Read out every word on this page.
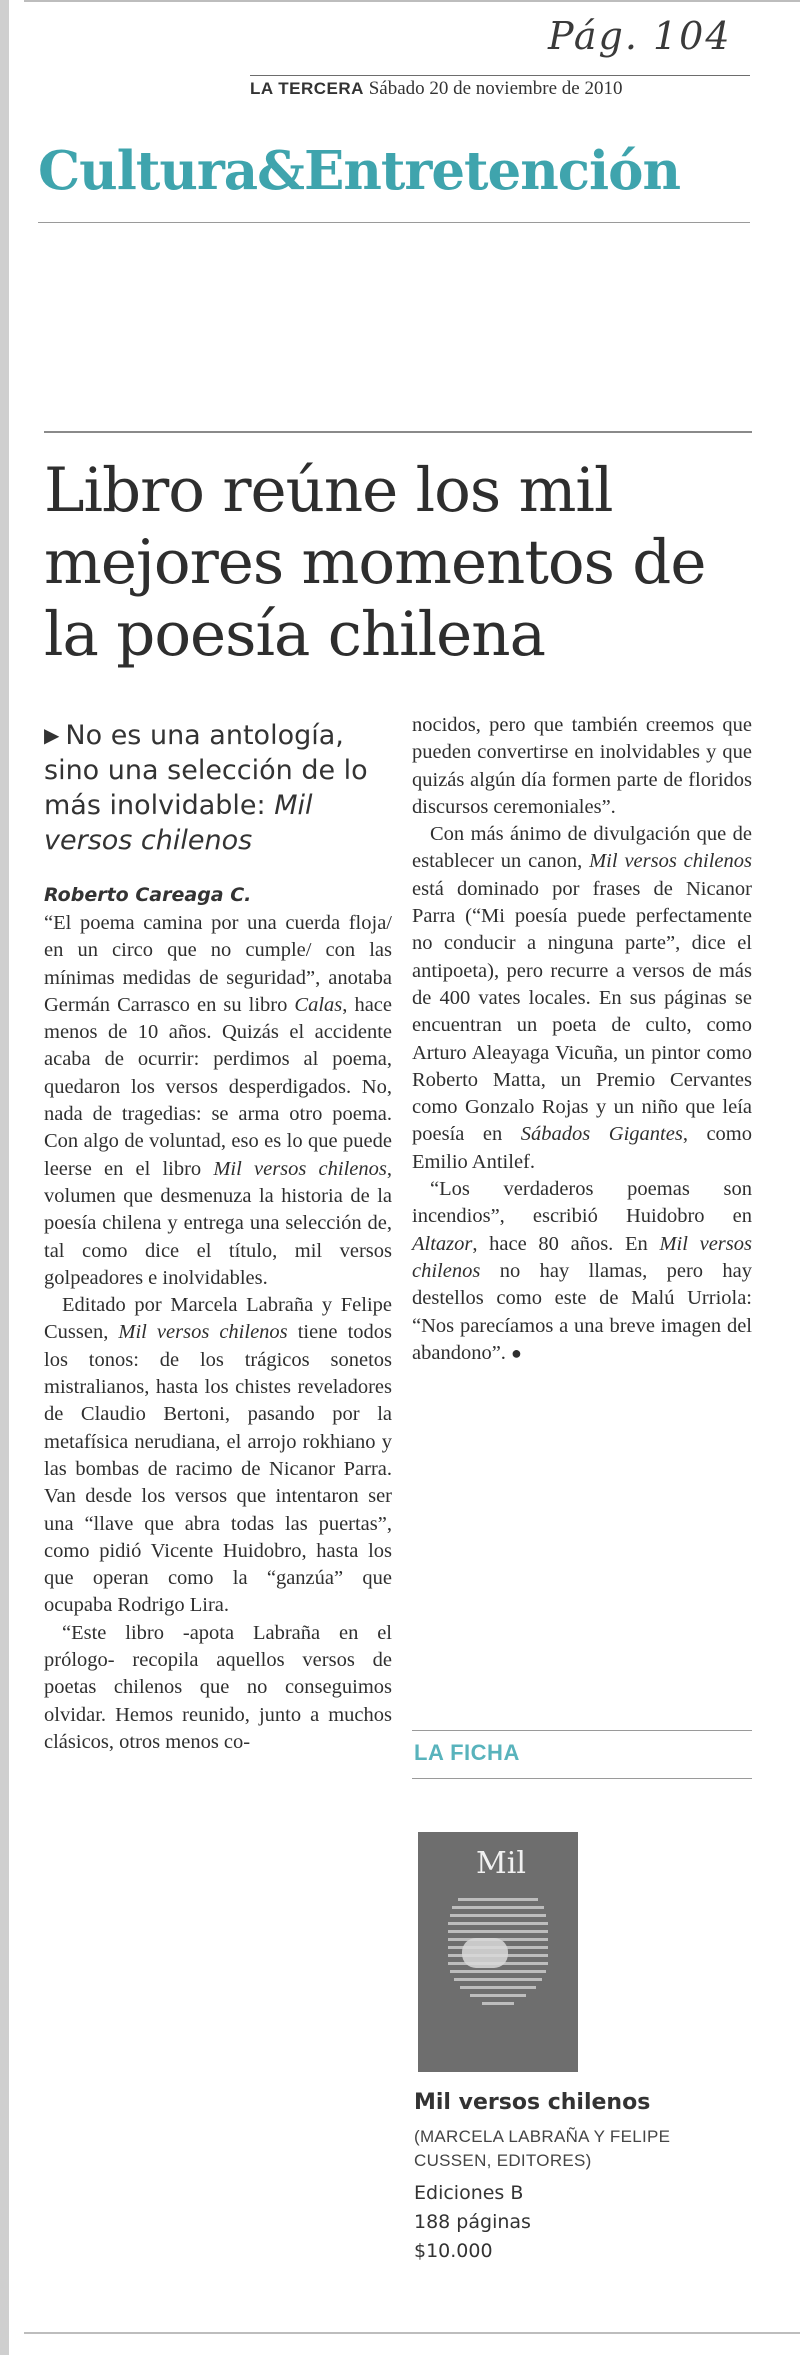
Pág. 104
LA TERCERA Sábado 20 de noviembre de 2010
Cultura&Entretención
Libro reúne los mil mejores momentos de la poesía chilena

▶ No es una antología, sino una selección de lo más inolvidable: Mil versos chilenos

Roberto Careaga C.

“El poema camina por una cuerda floja/ en un circo que no cumple/ con las mínimas medidas de seguridad”, anotaba Germán Carrasco en su libro Calas, hace menos de 10 años. Quizás el accidente acaba de ocurrir: perdimos al poema, quedaron los versos desperdigados. No, nada de tragedias: se arma otro poema. Con algo de voluntad, eso es lo que puede leerse en el libro Mil versos chilenos, volumen que desmenuza la historia de la poesía chilena y entrega una selección de, tal como dice el título, mil versos golpeadores e inolvidables.

Editado por Marcela Labraña y Felipe Cussen, Mil versos chilenos tiene todos los tonos: de los trágicos sonetos mistralianos, hasta los chistes reveladores de Claudio Bertoni, pasando por la metafísica nerudiana, el arrojo rokhiano y las bombas de racimo de Nicanor Parra. Van desde los versos que intentaron ser una “llave que abra todas las puertas”, como pidió Vicente Huidobro, hasta los que operan como la “ganzúa” que ocupaba Rodrigo Lira.

“Este libro -apota Labraña en el prólogo- recopila aquellos versos de poetas chilenos que no conseguimos olvidar. Hemos reunido, junto a muchos clásicos, otros menos co-

nocidos, pero que también creemos que pueden convertirse en inolvidables y que quizás algún día formen parte de floridos discursos ceremoniales”.

Con más ánimo de divulgación que de establecer un canon, Mil versos chilenos está dominado por frases de Nicanor Parra (“Mi poesía puede perfectamente no conducir a ninguna parte”, dice el antipoeta), pero recurre a versos de más de 400 vates locales. En sus páginas se encuentran un poeta de culto, como Arturo Aleayaga Vicuña, un pintor como Roberto Matta, un Premio Cervantes como Gonzalo Rojas y un niño que leía poesía en Sábados Gigantes, como Emilio Antilef.

“Los verdaderos poemas son incendios”, escribió Huidobro en Altazor, hace 80 años. En Mil versos chilenos no hay llamas, pero hay destellos como este de Malú Urriola: “Nos parecíamos a una breve imagen del abandono”. ●

LA FICHA
Mil

Mil versos chilenos

(MARCELA LABRAÑA Y FELIPE CUSSEN, EDITORES)

Ediciones B

188 páginas

$10.000
